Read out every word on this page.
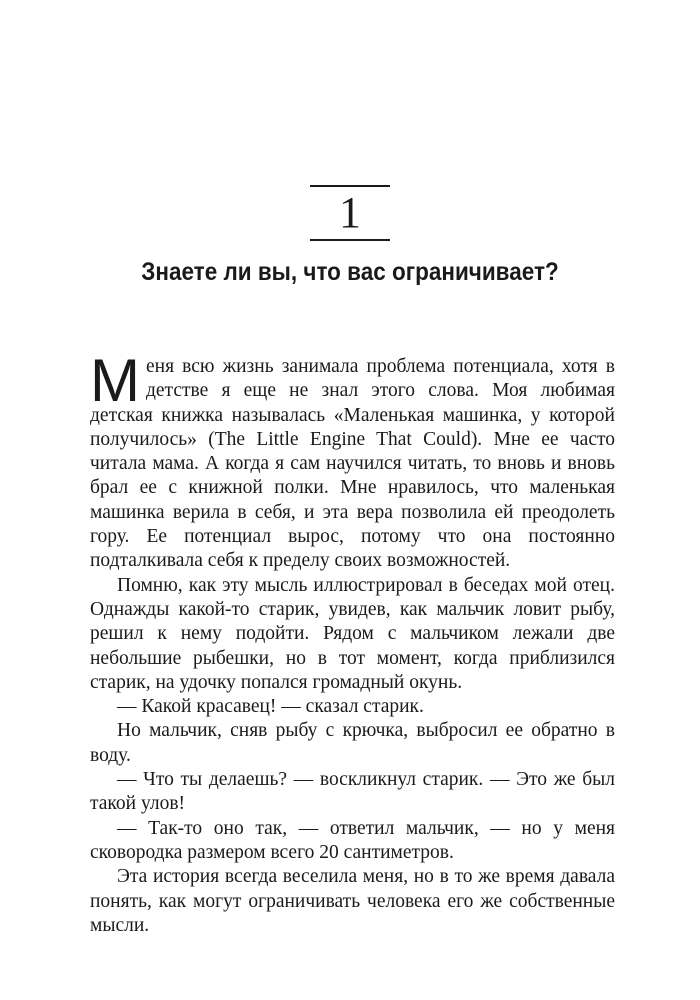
1
Знаете ли вы, что вас ограничивает?

Меня всю жизнь занимала проблема потенциала, хотя в детстве я еще не знал этого слова. Моя любимая детская книжка называлась «Маленькая машинка, у которой получилось» (The Little Engine That Could). Мне ее часто читала мама. А когда я сам научился читать, то вновь и вновь брал ее с книжной полки. Мне нравилось, что маленькая машинка верила в себя, и эта вера позволила ей преодолеть гору. Ее потенциал вырос, потому что она постоянно подталкивала себя к пределу своих возможностей.

Помню, как эту мысль иллюстрировал в беседах мой отец. Однажды какой-то старик, увидев, как мальчик ловит рыбу, решил к нему подойти. Рядом с мальчиком лежали две небольшие рыбешки, но в тот момент, когда приблизился старик, на удочку попался громадный окунь.

— Какой красавец! — сказал старик.

Но мальчик, сняв рыбу с крючка, выбросил ее обратно в воду.

— Что ты делаешь? — воскликнул старик. — Это же был такой улов!

— Так-то оно так, — ответил мальчик, — но у меня сковородка размером всего 20 сантиметров.

Эта история всегда веселила меня, но в то же время давала понять, как могут ограничивать человека его же собственные мысли.
